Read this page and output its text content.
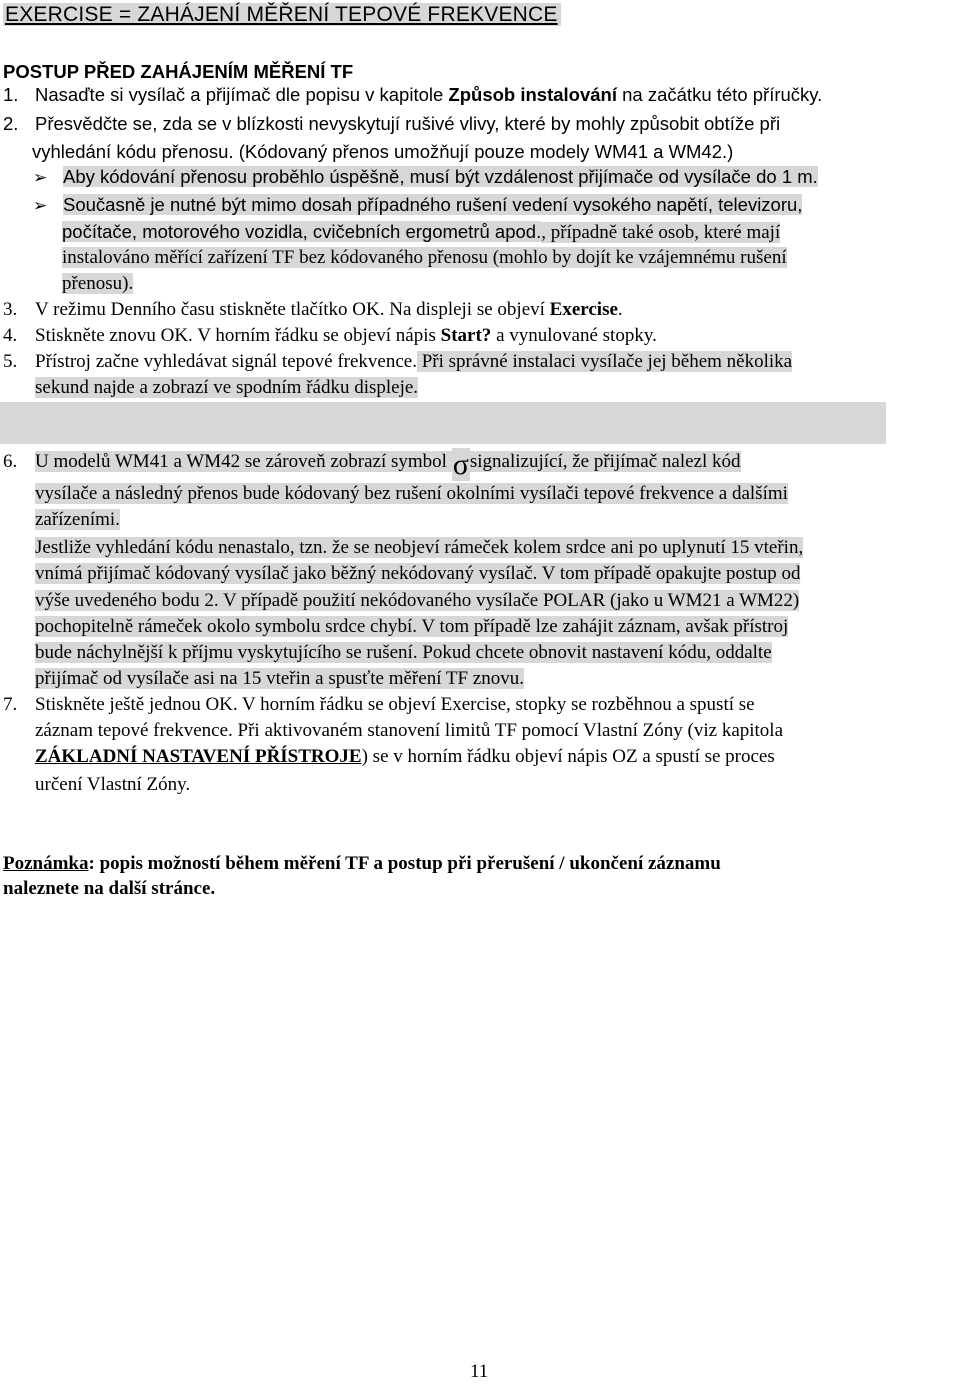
EXERCISE = ZAHÁJENÍ MĚŘENÍ TEPOVÉ FREKVENCE
POSTUP PŘED ZAHÁJENÍM MĚŘENÍ TF
1. Nasaďte si vysílač a přijímač dle popisu v kapitole Způsob instalování na začátku této příručky.
2. Přesvědčte se, zda se v blízkosti nevyskytují rušivé vlivy, které by mohly způsobit obtíže při
vyhledání kódu přenosu. (Kódovaný přenos umožňují pouze modely WM41 a WM42.)
➢ Aby kódování přenosu proběhlo úspěšně, musí být vzdálenost přijímače od vysílače do 1 m.
➢ Současně je nutné být mimo dosah případného rušení vedení vysokého napětí, televizoru,
počítače, motorového vozidla, cvičebních ergometrů apod., případně také osob, které mají
instalováno měřící zařízení TF bez kódovaného přenosu (mohlo by dojít ke vzájemnému rušení
přenosu).
3. V režimu Denního času stiskněte tlačítko OK. Na displeji se objeví Exercise.
4. Stiskněte znovu OK. V horním řádku se objeví nápis Start? a vynulované stopky.
5. Přístroj začne vyhledávat signál tepové frekvence. Při správné instalaci vysílače jej během několika
sekund najde a zobrazí ve spodním řádku displeje.
6. U modelů WM41 a WM42 se zároveň zobrazí symbol σsignalizující, že přijímač nalezl kód
vysílače a následný přenos bude kódovaný bez rušení okolními vysílači tepové frekvence a dalšími
zařízeními.
Jestliže vyhledání kódu nenastalo, tzn. že se neobjeví rámeček kolem srdce ani po uplynutí 15 vteřin,
vnímá přijímač kódovaný vysílač jako běžný nekódovaný vysílač. V tom případě opakujte postup od
výše uvedeného bodu 2. V případě použití nekódovaného vysílače POLAR (jako u WM21 a WM22)
pochopitelně rámeček okolo symbolu srdce chybí. V tom případě lze zahájit záznam, avšak přístroj
bude náchylnější k příjmu vyskytujícího se rušení. Pokud chcete obnovit nastavení kódu, oddalte
přijímač od vysílače asi na 15 vteřin a spusťte měření TF znovu.
7. Stiskněte ještě jednou OK. V horním řádku se objeví Exercise, stopky se rozběhnou a spustí se
záznam tepové frekvence. Při aktivovaném stanovení limitů TF pomocí Vlastní Zóny (viz kapitola
ZÁKLADNÍ NASTAVENÍ PŘÍSTROJE) se v horním řádku objeví nápis OZ a spustí se proces
určení Vlastní Zóny.
Poznámka: popis možností během měření TF a postup při přerušení / ukončení záznamu
naleznete na další stránce.
11
